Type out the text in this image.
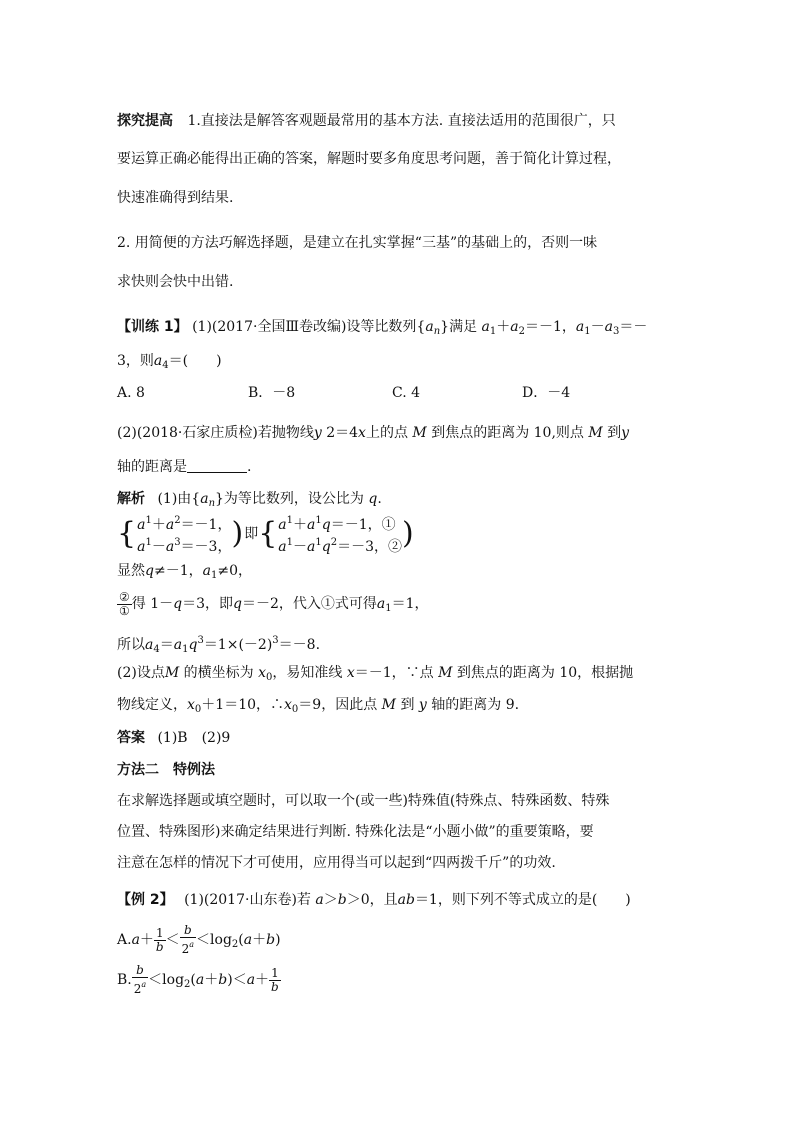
探究提高 1.直接法是解答客观题最常用的基本方法. 直接法适用的范围很广，只
要运算正确必能得出正确的答案，解题时要多角度思考问题，善于简化计算过程，
快速准确得到结果.
2. 用简便的方法巧解选择题，是建立在扎实掌握“三基”的基础上的，否则一味
求快则会快中出错.
【训练 1】 (1)(2017·全国Ⅲ卷改编)设等比数列$\{a_n\}$满足 $a_1+a_2=-1$，$a_1-a_3=-$
3，则$a_4=$(　　)
A. 8	B．－8	C. 4	D．－4
(2)(2018·石家庄质检)若抛物线y 2＝4x上的点 M 到焦点的距离为 10,则点 M 到y
轴的距离是	.
解析 (1)由$\{a_n\}$为等比数列，设公比为 q.
{ $a^1+a^2=-1$，
$a^1-a^3=-3$， )即{ $a^1+a^1q=-1$，①
$a^1-a^1q^2=-3$，② )
显然q≠－1，$a_1\ne 0$，
$\frac{\text{②}}{\text{①}}$ 得 1－q＝3，即q＝－2，代入①式可得$a_1=1$，
所以$a_4=a_1q^3=1\times(-2)^3=-8$.
(2)设点M 的横坐标为 $x_0$，易知准线 x＝－1，∵点 M 到焦点的距离为 10，根据抛
物线定义，$x_0+1=10$，$\therefore x_0=9$，因此点 M 到 y 轴的距离为 9.
答案 (1)B　(2)9
方法二　特例法
在求解选择题或填空题时，可以取一个(或一些)特殊值(特殊点、特殊函数、特殊
位置、特殊图形)来确定结果进行判断. 特殊化法是“小题小做”的重要策略，要
注意在怎样的情况下才可使用，应用得当可以起到“四两拨千斤”的功效.
【例 2】 (1)(2017·山东卷)若 a＞b＞0，且ab＝1，则下列不等式成立的是(　　)
$A.a+ \frac{1}{b} < \frac{b}{2^a} <\log_2(a+b)$
B. $\frac{b}{2^a} <\log_2(a+b)<a+ \frac{1}{b}$
